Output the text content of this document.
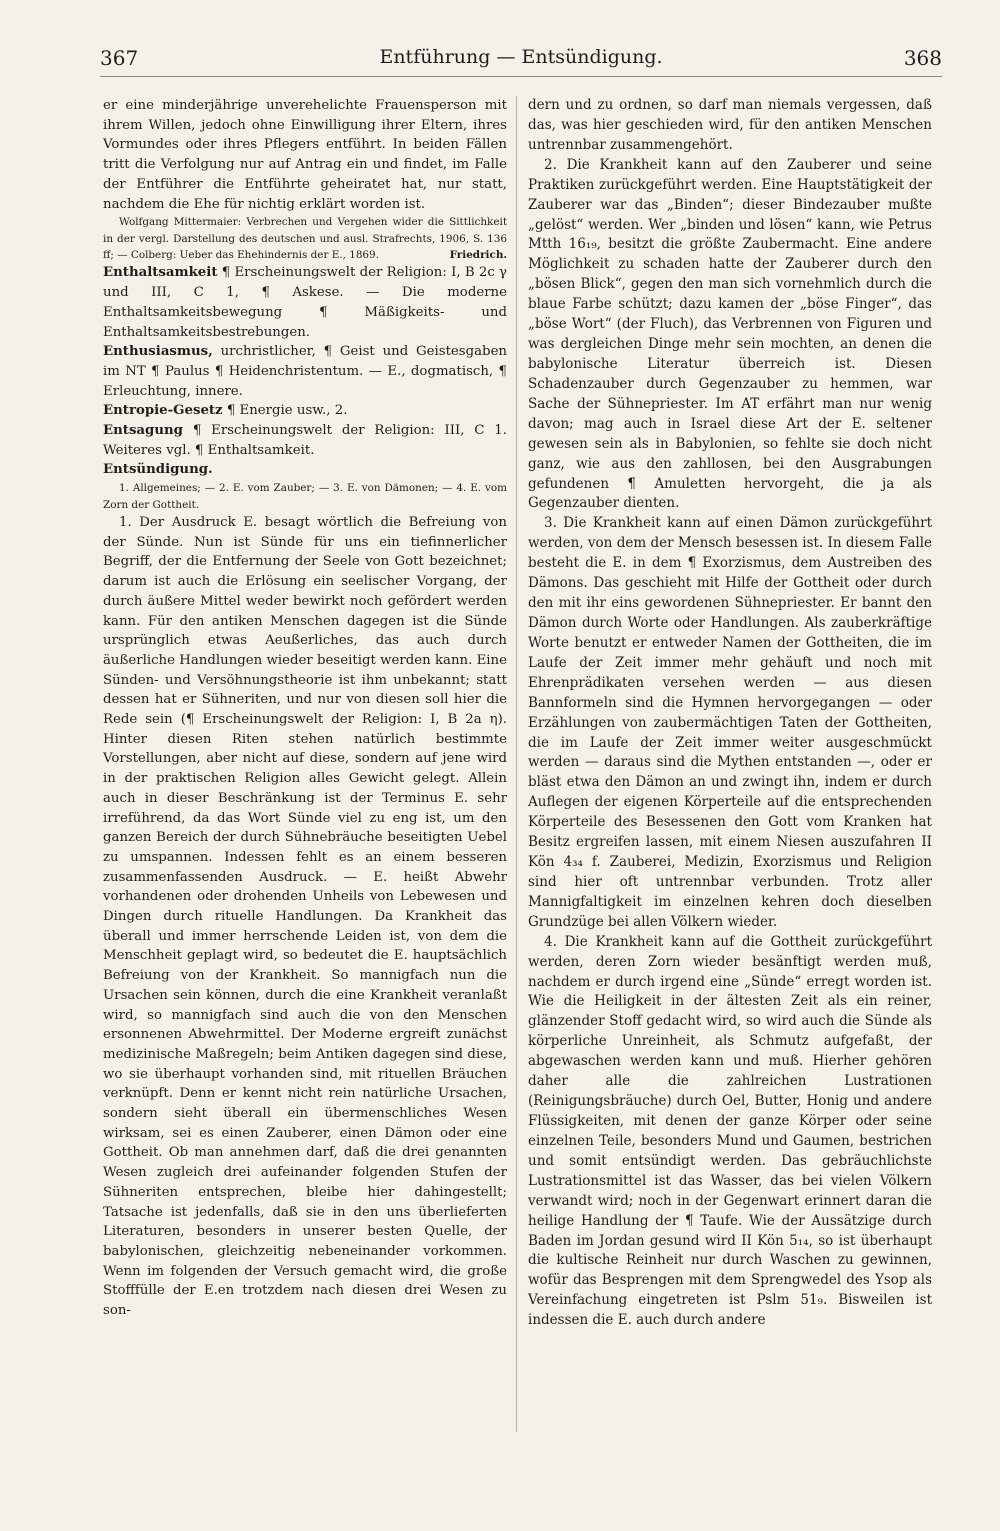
367	Entführung — Entsündigung.	368

er eine minderjährige unverehelichte Frauensperson mit ihrem Willen, jedoch ohne Einwilligung ihrer Eltern, ihres Vormundes oder ihres Pflegers entführt. In beiden Fällen tritt die Verfolgung nur auf Antrag ein und findet, im Falle der Entführer die Entführte geheiratet hat, nur statt, nachdem die Ehe für nichtig erklärt worden ist.

Wolfgang Mittermaier: Verbrechen und Vergehen wider die Sittlichkeit in der vergl. Darstellung des deutschen und ausl. Strafrechts, 1906, S. 136 ff; — Colberg: Ueber das Ehehindernis der E., 1869.	Friedrich.

Enthaltsamkeit ¶ Erscheinungswelt der Religion: I, B 2c γ und III, C 1, ¶ Askese. — Die moderne Enthaltsamkeitsbewegung ¶ Mäßigkeits- und Enthaltsamkeitsbestrebungen.

Enthusiasmus, urchristlicher, ¶ Geist und Geistesgaben im NT ¶ Paulus ¶ Heidenchristentum. — E., dogmatisch, ¶ Erleuchtung, innere.

Entropie-Gesetz ¶ Energie usw., 2.

Entsagung ¶ Erscheinungswelt der Religion: III, C 1. Weiteres vgl. ¶ Enthaltsamkeit.

Entsündigung.

1. Allgemeines; — 2. E. vom Zauber; — 3. E. von Dämonen; — 4. E. vom Zorn der Gottheit.

1. Der Ausdruck E. besagt wörtlich die Befreiung von der Sünde. Nun ist Sünde für uns ein tiefinnerlicher Begriff, der die Entfernung der Seele von Gott bezeichnet; darum ist auch die Erlösung ein seelischer Vorgang, der durch äußere Mittel weder bewirkt noch gefördert werden kann. Für den antiken Menschen dagegen ist die Sünde ursprünglich etwas Aeußerliches, das auch durch äußerliche Handlungen wieder beseitigt werden kann. Eine Sünden- und Versöhnungstheorie ist ihm unbekannt; statt dessen hat er Sühneriten, und nur von diesen soll hier die Rede sein (¶ Erscheinungswelt der Religion: I, B 2a η). Hinter diesen Riten stehen natürlich bestimmte Vorstellungen, aber nicht auf diese, sondern auf jene wird in der praktischen Religion alles Gewicht gelegt. Allein auch in dieser Beschränkung ist der Terminus E. sehr irreführend, da das Wort Sünde viel zu eng ist, um den ganzen Bereich der durch Sühnebräuche beseitigten Uebel zu umspannen. Indessen fehlt es an einem besseren zusammenfassenden Ausdruck. — E. heißt Abwehr vorhandenen oder drohenden Unheils von Lebewesen und Dingen durch rituelle Handlungen. Da Krankheit das überall und immer herrschende Leiden ist, von dem die Menschheit geplagt wird, so bedeutet die E. hauptsächlich Befreiung von der Krankheit. So mannigfach nun die Ursachen sein können, durch die eine Krankheit veranlaßt wird, so mannigfach sind auch die von den Menschen ersonnenen Abwehrmittel. Der Moderne ergreift zunächst medizinische Maßregeln; beim Antiken dagegen sind diese, wo sie überhaupt vorhanden sind, mit rituellen Bräuchen verknüpft. Denn er kennt nicht rein natürliche Ursachen, sondern sieht überall ein übermenschliches Wesen wirksam, sei es einen Zauberer, einen Dämon oder eine Gottheit. Ob man annehmen darf, daß die drei genannten Wesen zugleich drei aufeinander folgenden Stufen der Sühneriten entsprechen, bleibe hier dahingestellt; Tatsache ist jedenfalls, daß sie in den uns überlieferten Literaturen, besonders in unserer besten Quelle, der babylonischen, gleichzeitig nebeneinander vorkommen. Wenn im folgenden der Versuch gemacht wird, die große Stofffülle der E.en trotzdem nach diesen drei Wesen zu son-

dern und zu ordnen, so darf man niemals vergessen, daß das, was hier geschieden wird, für den antiken Menschen untrennbar zusammengehört.

2. Die Krankheit kann auf den Zauberer und seine Praktiken zurückgeführt werden. Eine Hauptstätigkeit der Zauberer war das „Binden“; dieser Bindezauber mußte „gelöst“ werden. Wer „binden und lösen“ kann, wie Petrus Mtth 16₁₉, besitzt die größte Zaubermacht. Eine andere Möglichkeit zu schaden hatte der Zauberer durch den „bösen Blick“, gegen den man sich vornehmlich durch die blaue Farbe schützt; dazu kamen der „böse Finger“, das „böse Wort“ (der Fluch), das Verbrennen von Figuren und was dergleichen Dinge mehr sein mochten, an denen die babylonische Literatur überreich ist. Diesen Schadenzauber durch Gegenzauber zu hemmen, war Sache der Sühnepriester. Im AT erfährt man nur wenig davon; mag auch in Israel diese Art der E. seltener gewesen sein als in Babylonien, so fehlte sie doch nicht ganz, wie aus den zahllosen, bei den Ausgrabungen gefundenen ¶ Amuletten hervorgeht, die ja als Gegenzauber dienten.

3. Die Krankheit kann auf einen Dämon zurückgeführt werden, von dem der Mensch besessen ist. In diesem Falle besteht die E. in dem ¶ Exorzismus, dem Austreiben des Dämons. Das geschieht mit Hilfe der Gottheit oder durch den mit ihr eins gewordenen Sühnepriester. Er bannt den Dämon durch Worte oder Handlungen. Als zauberkräftige Worte benutzt er entweder Namen der Gottheiten, die im Laufe der Zeit immer mehr gehäuft und noch mit Ehrenprädikaten versehen werden — aus diesen Bannformeln sind die Hymnen hervorgegangen — oder Erzählungen von zaubermächtigen Taten der Gottheiten, die im Laufe der Zeit immer weiter ausgeschmückt werden — daraus sind die Mythen entstanden —, oder er bläst etwa den Dämon an und zwingt ihn, indem er durch Auflegen der eigenen Körperteile auf die entsprechenden Körperteile des Besessenen den Gott vom Kranken hat Besitz ergreifen lassen, mit einem Niesen auszufahren II Kön 4₃₄ f. Zauberei, Medizin, Exorzismus und Religion sind hier oft untrennbar verbunden. Trotz aller Mannigfaltigkeit im einzelnen kehren doch dieselben Grundzüge bei allen Völkern wieder.

4. Die Krankheit kann auf die Gottheit zurückgeführt werden, deren Zorn wieder besänftigt werden muß, nachdem er durch irgend eine „Sünde“ erregt worden ist. Wie die Heiligkeit in der ältesten Zeit als ein reiner, glänzender Stoff gedacht wird, so wird auch die Sünde als körperliche Unreinheit, als Schmutz aufgefaßt, der abgewaschen werden kann und muß. Hierher gehören daher alle die zahlreichen Lustrationen (Reinigungsbräuche) durch Oel, Butter, Honig und andere Flüssigkeiten, mit denen der ganze Körper oder seine einzelnen Teile, besonders Mund und Gaumen, bestrichen und somit entsündigt werden. Das gebräuchlichste Lustrationsmittel ist das Wasser, das bei vielen Völkern verwandt wird; noch in der Gegenwart erinnert daran die heilige Handlung der ¶ Taufe. Wie der Aussätzige durch Baden im Jordan gesund wird II Kön 5₁₄, so ist überhaupt die kultische Reinheit nur durch Waschen zu gewinnen, wofür das Besprengen mit dem Sprengwedel des Ysop als Vereinfachung eingetreten ist Pslm 51₉. Bisweilen ist indessen die E. auch durch andere
